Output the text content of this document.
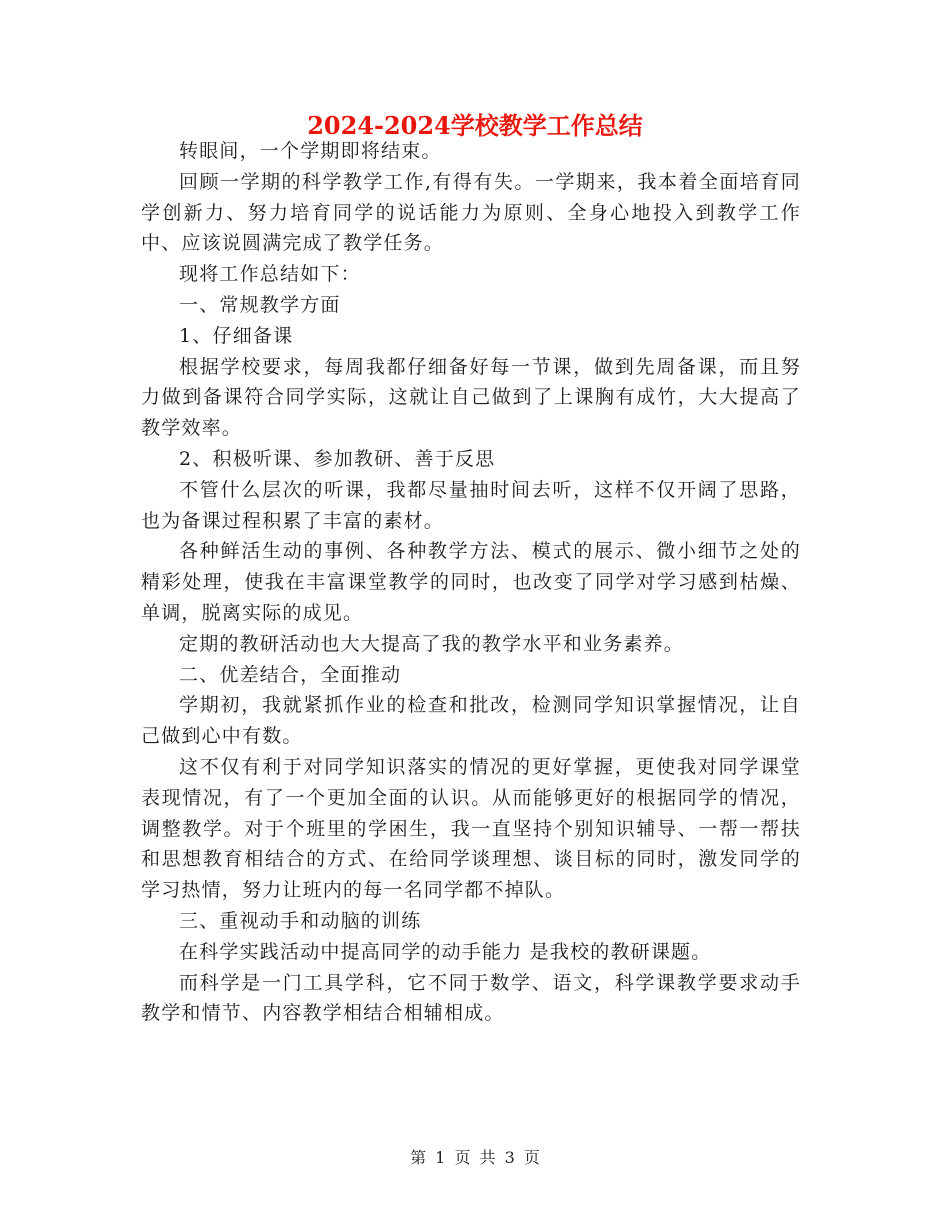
2024-2024学校教学工作总结

转眼间，一个学期即将结束。

回顾一学期的科学教学工作,有得有失。一学期来，我本着全面培育同学创新力、努力培育同学的说话能力为原则、全身心地投入到教学工作中、应该说圆满完成了教学任务。

现将工作总结如下：

一、常规教学方面

1、仔细备课

根据学校要求，每周我都仔细备好每一节课，做到先周备课，而且努力做到备课符合同学实际，这就让自己做到了上课胸有成竹，大大提高了教学效率。

2、积极听课、参加教研、善于反思

不管什么层次的听课，我都尽量抽时间去听，这样不仅开阔了思路，也为备课过程积累了丰富的素材。

各种鲜活生动的事例、各种教学方法、模式的展示、微小细节之处的精彩处理，使我在丰富课堂教学的同时，也改变了同学对学习感到枯燥、单调，脱离实际的成见。

定期的教研活动也大大提高了我的教学水平和业务素养。

二、优差结合，全面推动

学期初，我就紧抓作业的检查和批改，检测同学知识掌握情况，让自己做到心中有数。

这不仅有利于对同学知识落实的情况的更好掌握，更使我对同学课堂表现情况，有了一个更加全面的认识。从而能够更好的根据同学的情况，调整教学。对于个班里的学困生，我一直坚持个别知识辅导、一帮一帮扶和思想教育相结合的方式、在给同学谈理想、谈目标的同时，激发同学的学习热情，努力让班内的每一名同学都不掉队。

三、重视动手和动脑的训练

在科学实践活动中提高同学的动手能力 是我校的教研课题。

而科学是一门工具学科，它不同于数学、语文，科学课教学要求动手教学和情节、内容教学相结合相辅相成。

第 1 页 共 3 页
